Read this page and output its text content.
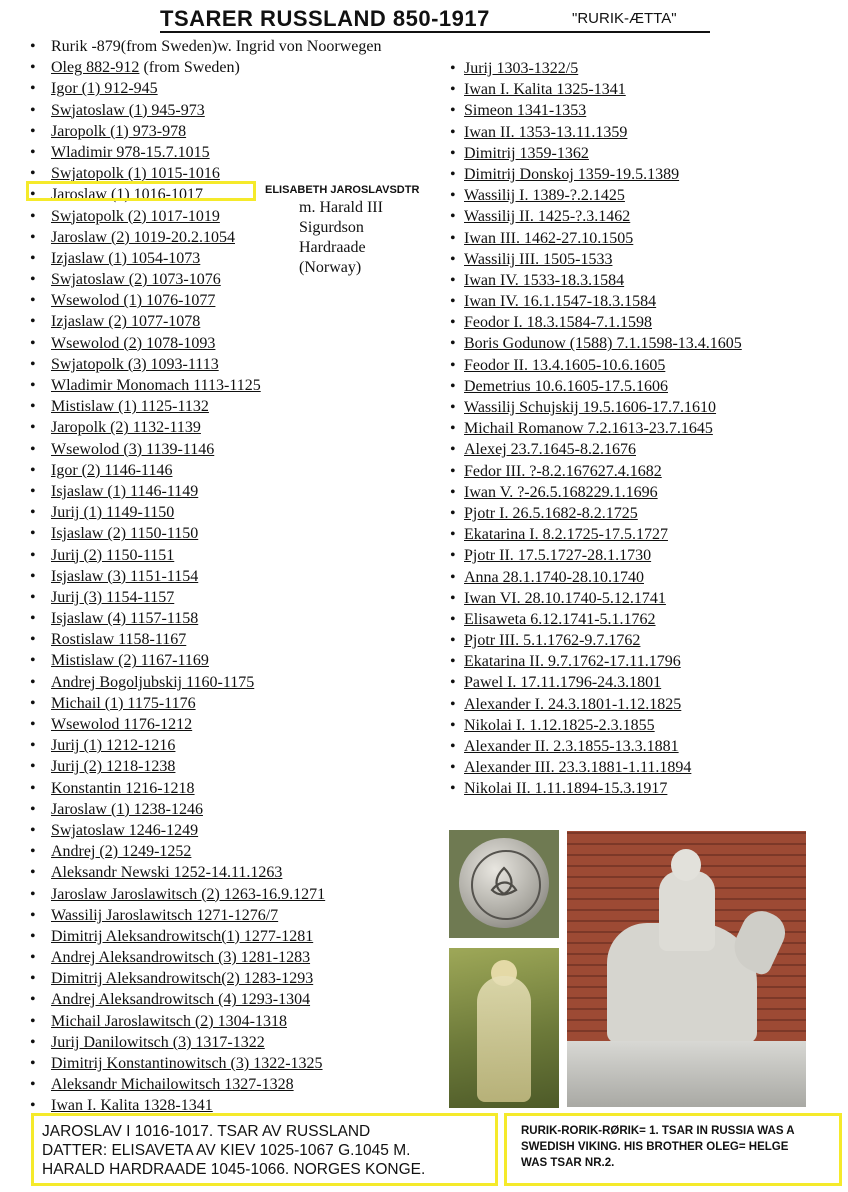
TSARER RUSSLAND 850-1917	"RURIK-ÆTTA"
• Rurik -879(from Sweden)w. Ingrid von Noorwegen
• Oleg 882-912 (from Sweden)
• Igor (1) 912-945
• Swjatoslaw (1) 945-973
• Jaropolk (1) 973-978
• Wladimir 978-15.7.1015
• Swjatopolk (1) 1015-1016
• Jaroslaw (1) 1016-1017
• Swjatopolk (2) 1017-1019
• Jaroslaw (2) 1019-20.2.1054
• Izjaslaw (1) 1054-1073
• Swjatoslaw (2) 1073-1076
• Wsewolod (1) 1076-1077
• Izjaslaw (2) 1077-1078
• Wsewolod (2) 1078-1093
• Swjatopolk (3) 1093-1113
• Wladimir Monomach 1113-1125
• Mistislaw (1) 1125-1132
• Jaropolk (2) 1132-1139
• Wsewolod (3) 1139-1146
• Igor (2) 1146-1146
• Isjaslaw (1) 1146-1149
• Jurij (1) 1149-1150
• Isjaslaw (2) 1150-1150
• Jurij (2) 1150-1151
• Isjaslaw (3) 1151-1154
• Jurij (3) 1154-1157
• Isjaslaw (4) 1157-1158
• Rostislaw 1158-1167
• Mistislaw (2) 1167-1169
• Andrej Bogoljubskij 1160-1175
• Michail (1) 1175-1176
• Wsewolod 1176-1212
• Jurij (1) 1212-1216
• Jurij (2) 1218-1238
• Konstantin 1216-1218
• Jaroslaw (1) 1238-1246
• Swjatoslaw 1246-1249
• Andrej (2) 1249-1252
• Aleksandr Newski 1252-14.11.1263
• Jaroslaw Jaroslawitsch (2) 1263-16.9.1271
• Wassilij Jaroslawitsch 1271-1276/7
• Dimitrij Aleksandrowitsch(1) 1277-1281
• Andrej Aleksandrowitsch (3) 1281-1283
• Dimitrij Aleksandrowitsch(2) 1283-1293
• Andrej Aleksandrowitsch (4) 1293-1304
• Michail Jaroslawitsch (2) 1304-1318
• Jurij Danilowitsch (3) 1317-1322
• Dimitrij Konstantinowitsch (3) 1322-1325
• Aleksandr Michailowitsch 1327-1328
• Iwan I. Kalita 1328-1341
• Jurij 1303-1322/5
• Iwan I. Kalita 1325-1341
• Simeon 1341-1353
• Iwan II. 1353-13.11.1359
• Dimitrij 1359-1362
• Dimitrij Donskoj 1359-19.5.1389
• Wassilij I. 1389-?.2.1425
• Wassilij II. 1425-?.3.1462
• Iwan III. 1462-27.10.1505
• Wassilij III. 1505-1533
• Iwan IV. 1533-18.3.1584
• Iwan IV. 16.1.1547-18.3.1584
• Feodor I. 18.3.1584-7.1.1598
• Boris Godunow (1588) 7.1.1598-13.4.1605
• Feodor II. 13.4.1605-10.6.1605
• Demetrius 10.6.1605-17.5.1606
• Wassilij Schujskij 19.5.1606-17.7.1610
• Michail Romanow 7.2.1613-23.7.1645
• Alexej 23.7.1645-8.2.1676
• Fedor III. ?-8.2.167627.4.1682
• Iwan V. ?-26.5.168229.1.1696
• Pjotr I. 26.5.1682-8.2.1725
• Ekatarina I. 8.2.1725-17.5.1727
• Pjotr II. 17.5.1727-28.1.1730
• Anna 28.1.1740-28.10.1740
• Iwan VI. 28.10.1740-5.12.1741
• Elisaweta 6.12.1741-5.1.1762
• Pjotr III. 5.1.1762-9.7.1762
• Ekatarina II. 9.7.1762-17.11.1796
• Pawel I. 17.11.1796-24.3.1801
• Alexander I. 24.3.1801-1.12.1825
• Nikolai I. 1.12.1825-2.3.1855
• Alexander II. 2.3.1855-13.3.1881
• Alexander III. 23.3.1881-1.11.1894
• Nikolai II. 1.11.1894-15.3.1917
ELISABETH JAROSLAVSDTR
m. Harald III
Sigurdson
Hardraade
(Norway)
JAROSLAV I 1016-1017. TSAR AV RUSSLAND
DATTER: ELISAVETA AV KIEV 1025-1067 G.1045 M.
HARALD HARDRAADE 1045-1066. NORGES KONGE.
RURIK-RORIK-RØRIK= 1. TSAR IN RUSSIA WAS A
SWEDISH VIKING. HIS BROTHER OLEG= HELGE
WAS TSAR NR.2.
